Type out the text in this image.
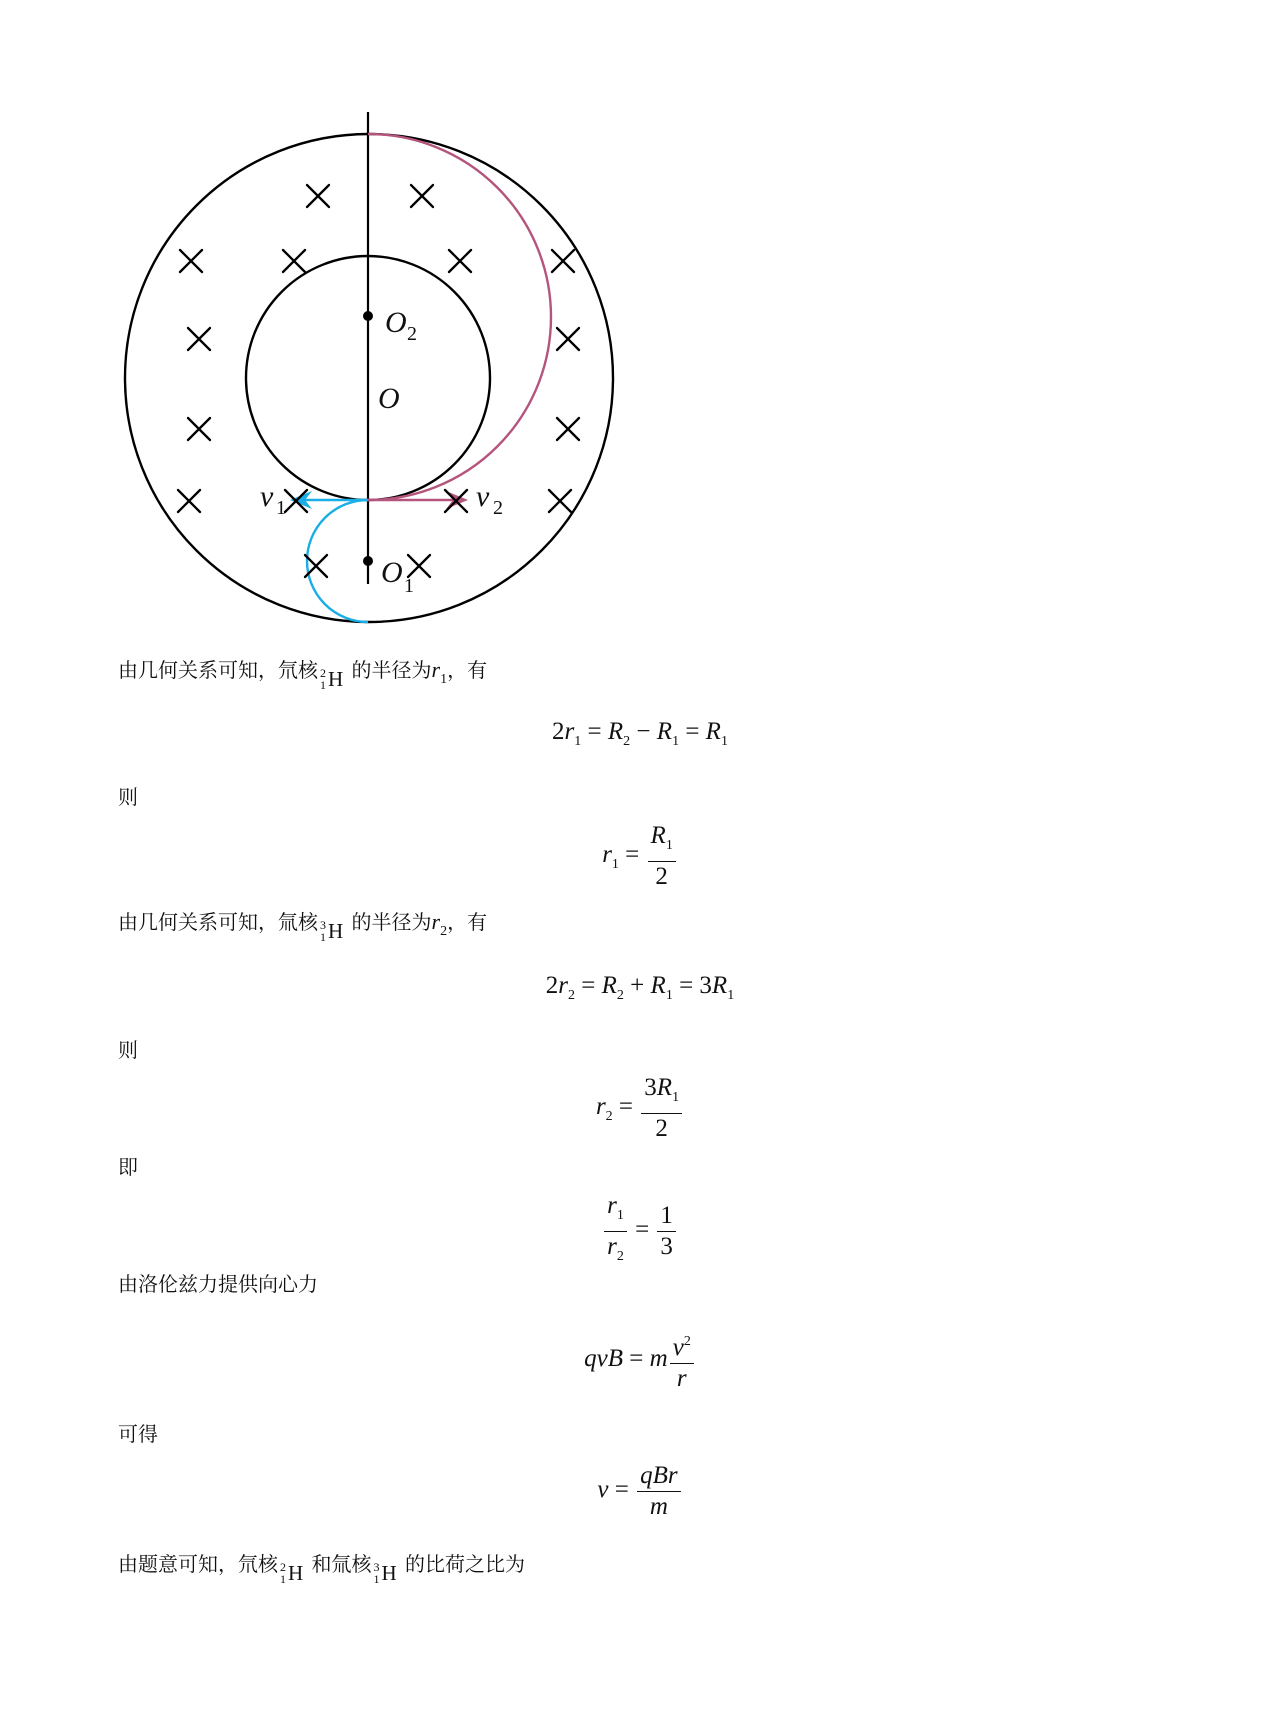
O 2
O
O 1
v 1	v 2
由几何关系可知，氘核 2
1 H 的半径为$r_1$，有
$2r_1 = R_2 - R_1 = R_1$
则
$r_1 = \frac{R_1}{2}$
由几何关系可知，氚核 3
1 H 的半径为$r_2$，有
$2r_2 = R_2 + R_1 = 3R_1$
则
$r_2 = \frac{3R_1}{2}$
即
$\frac{r_1}{r_2} = \frac{1}{3}$
由洛伦兹力提供向心力
qvB = m $\frac{v^2}{r}$
可得
$v = \frac{\text{qBr}}{m}$
由题意可知，氘核 2
1 H 和氚核 3
1 H 的比荷之比为
